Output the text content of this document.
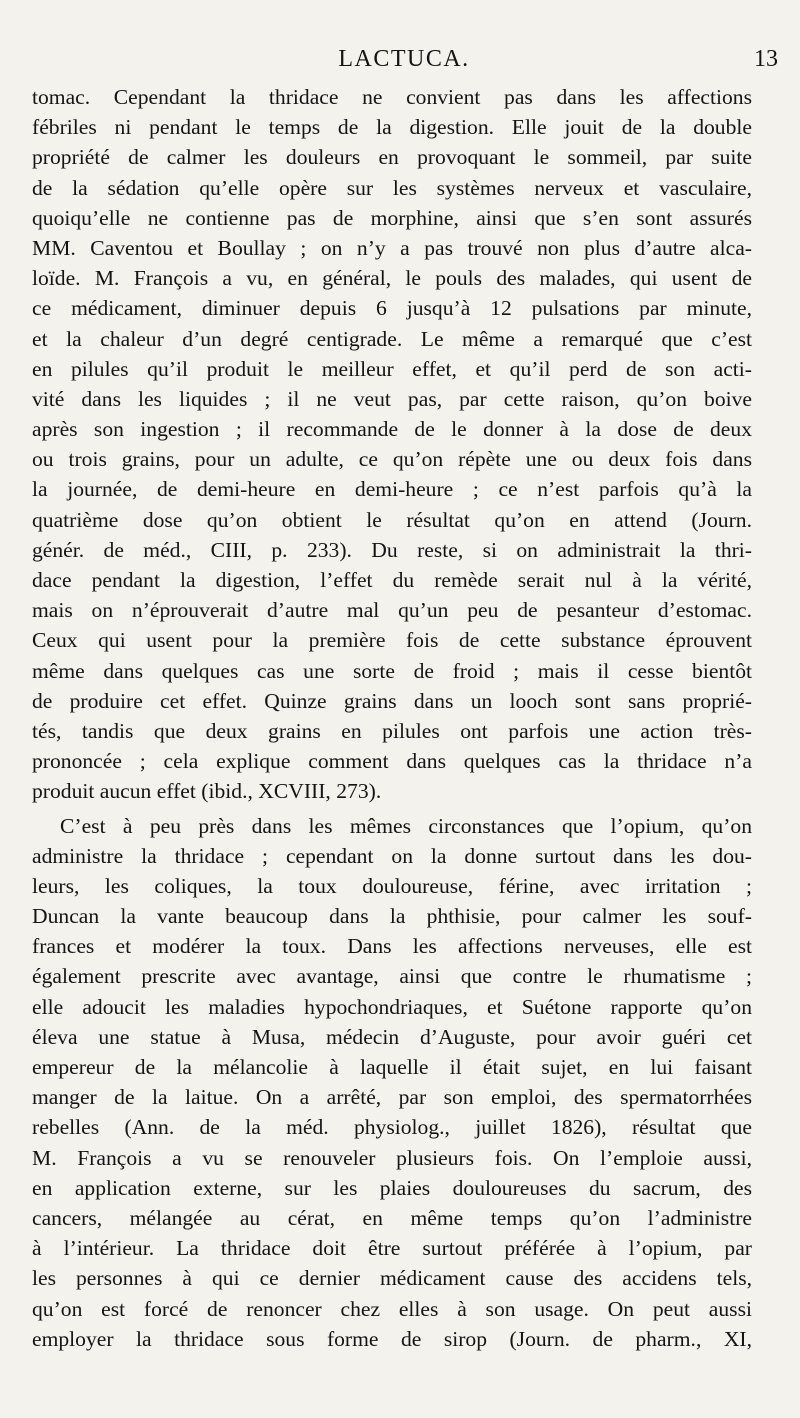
LACTUCA.	13
tomac. Cependant la thridace ne convient pas dans les affections
fébriles ni pendant le temps de la digestion. Elle jouit de la double
propriété de calmer les douleurs en provoquant le sommeil, par suite
de la sédation qu’elle opère sur les systèmes nerveux et vasculaire,
quoiqu’elle ne contienne pas de morphine, ainsi que s’en sont assurés
MM. Caventou et Boullay ; on n’y a pas trouvé non plus d’autre alca-
loïde. M. François a vu, en général, le pouls des malades, qui usent de
ce médicament, diminuer depuis 6 jusqu’à 12 pulsations par minute,
et la chaleur d’un degré centigrade. Le même a remarqué que c’est
en pilules qu’il produit le meilleur effet, et qu’il perd de son acti-
vité dans les liquides ; il ne veut pas, par cette raison, qu’on boive
après son ingestion ; il recommande de le donner à la dose de deux
ou trois grains, pour un adulte, ce qu’on répète une ou deux fois dans
la journée, de demi-heure en demi-heure ; ce n’est parfois qu’à la
quatrième dose qu’on obtient le résultat qu’on en attend (Journ.
génér. de méd., CIII, p. 233). Du reste, si on administrait la thri-
dace pendant la digestion, l’effet du remède serait nul à la vérité,
mais on n’éprouverait d’autre mal qu’un peu de pesanteur d’estomac.
Ceux qui usent pour la première fois de cette substance éprouvent
même dans quelques cas une sorte de froid ; mais il cesse bientôt
de produire cet effet. Quinze grains dans un looch sont sans proprié-
tés, tandis que deux grains en pilules ont parfois une action très-
prononcée ; cela explique comment dans quelques cas la thridace n’a
produit aucun effet (ibid., XCVIII, 273).
C’est à peu près dans les mêmes circonstances que l’opium, qu’on
administre la thridace ; cependant on la donne surtout dans les dou-
leurs, les coliques, la toux douloureuse, férine, avec irritation ;
Duncan la vante beaucoup dans la phthisie, pour calmer les souf-
frances et modérer la toux. Dans les affections nerveuses, elle est
également prescrite avec avantage, ainsi que contre le rhumatisme ;
elle adoucit les maladies hypochondriaques, et Suétone rapporte qu’on
éleva une statue à Musa, médecin d’Auguste, pour avoir guéri cet
empereur de la mélancolie à laquelle il était sujet, en lui faisant
manger de la laitue. On a arrêté, par son emploi, des spermatorrhées
rebelles (Ann. de la méd. physiolog., juillet 1826), résultat que
M. François a vu se renouveler plusieurs fois. On l’emploie aussi,
en application externe, sur les plaies douloureuses du sacrum, des
cancers, mélangée au cérat, en même temps qu’on l’administre
à l’intérieur. La thridace doit être surtout préférée à l’opium, par
les personnes à qui ce dernier médicament cause des accidens tels,
qu’on est forcé de renoncer chez elles à son usage. On peut aussi
employer la thridace sous forme de sirop (Journ. de pharm., XI,
